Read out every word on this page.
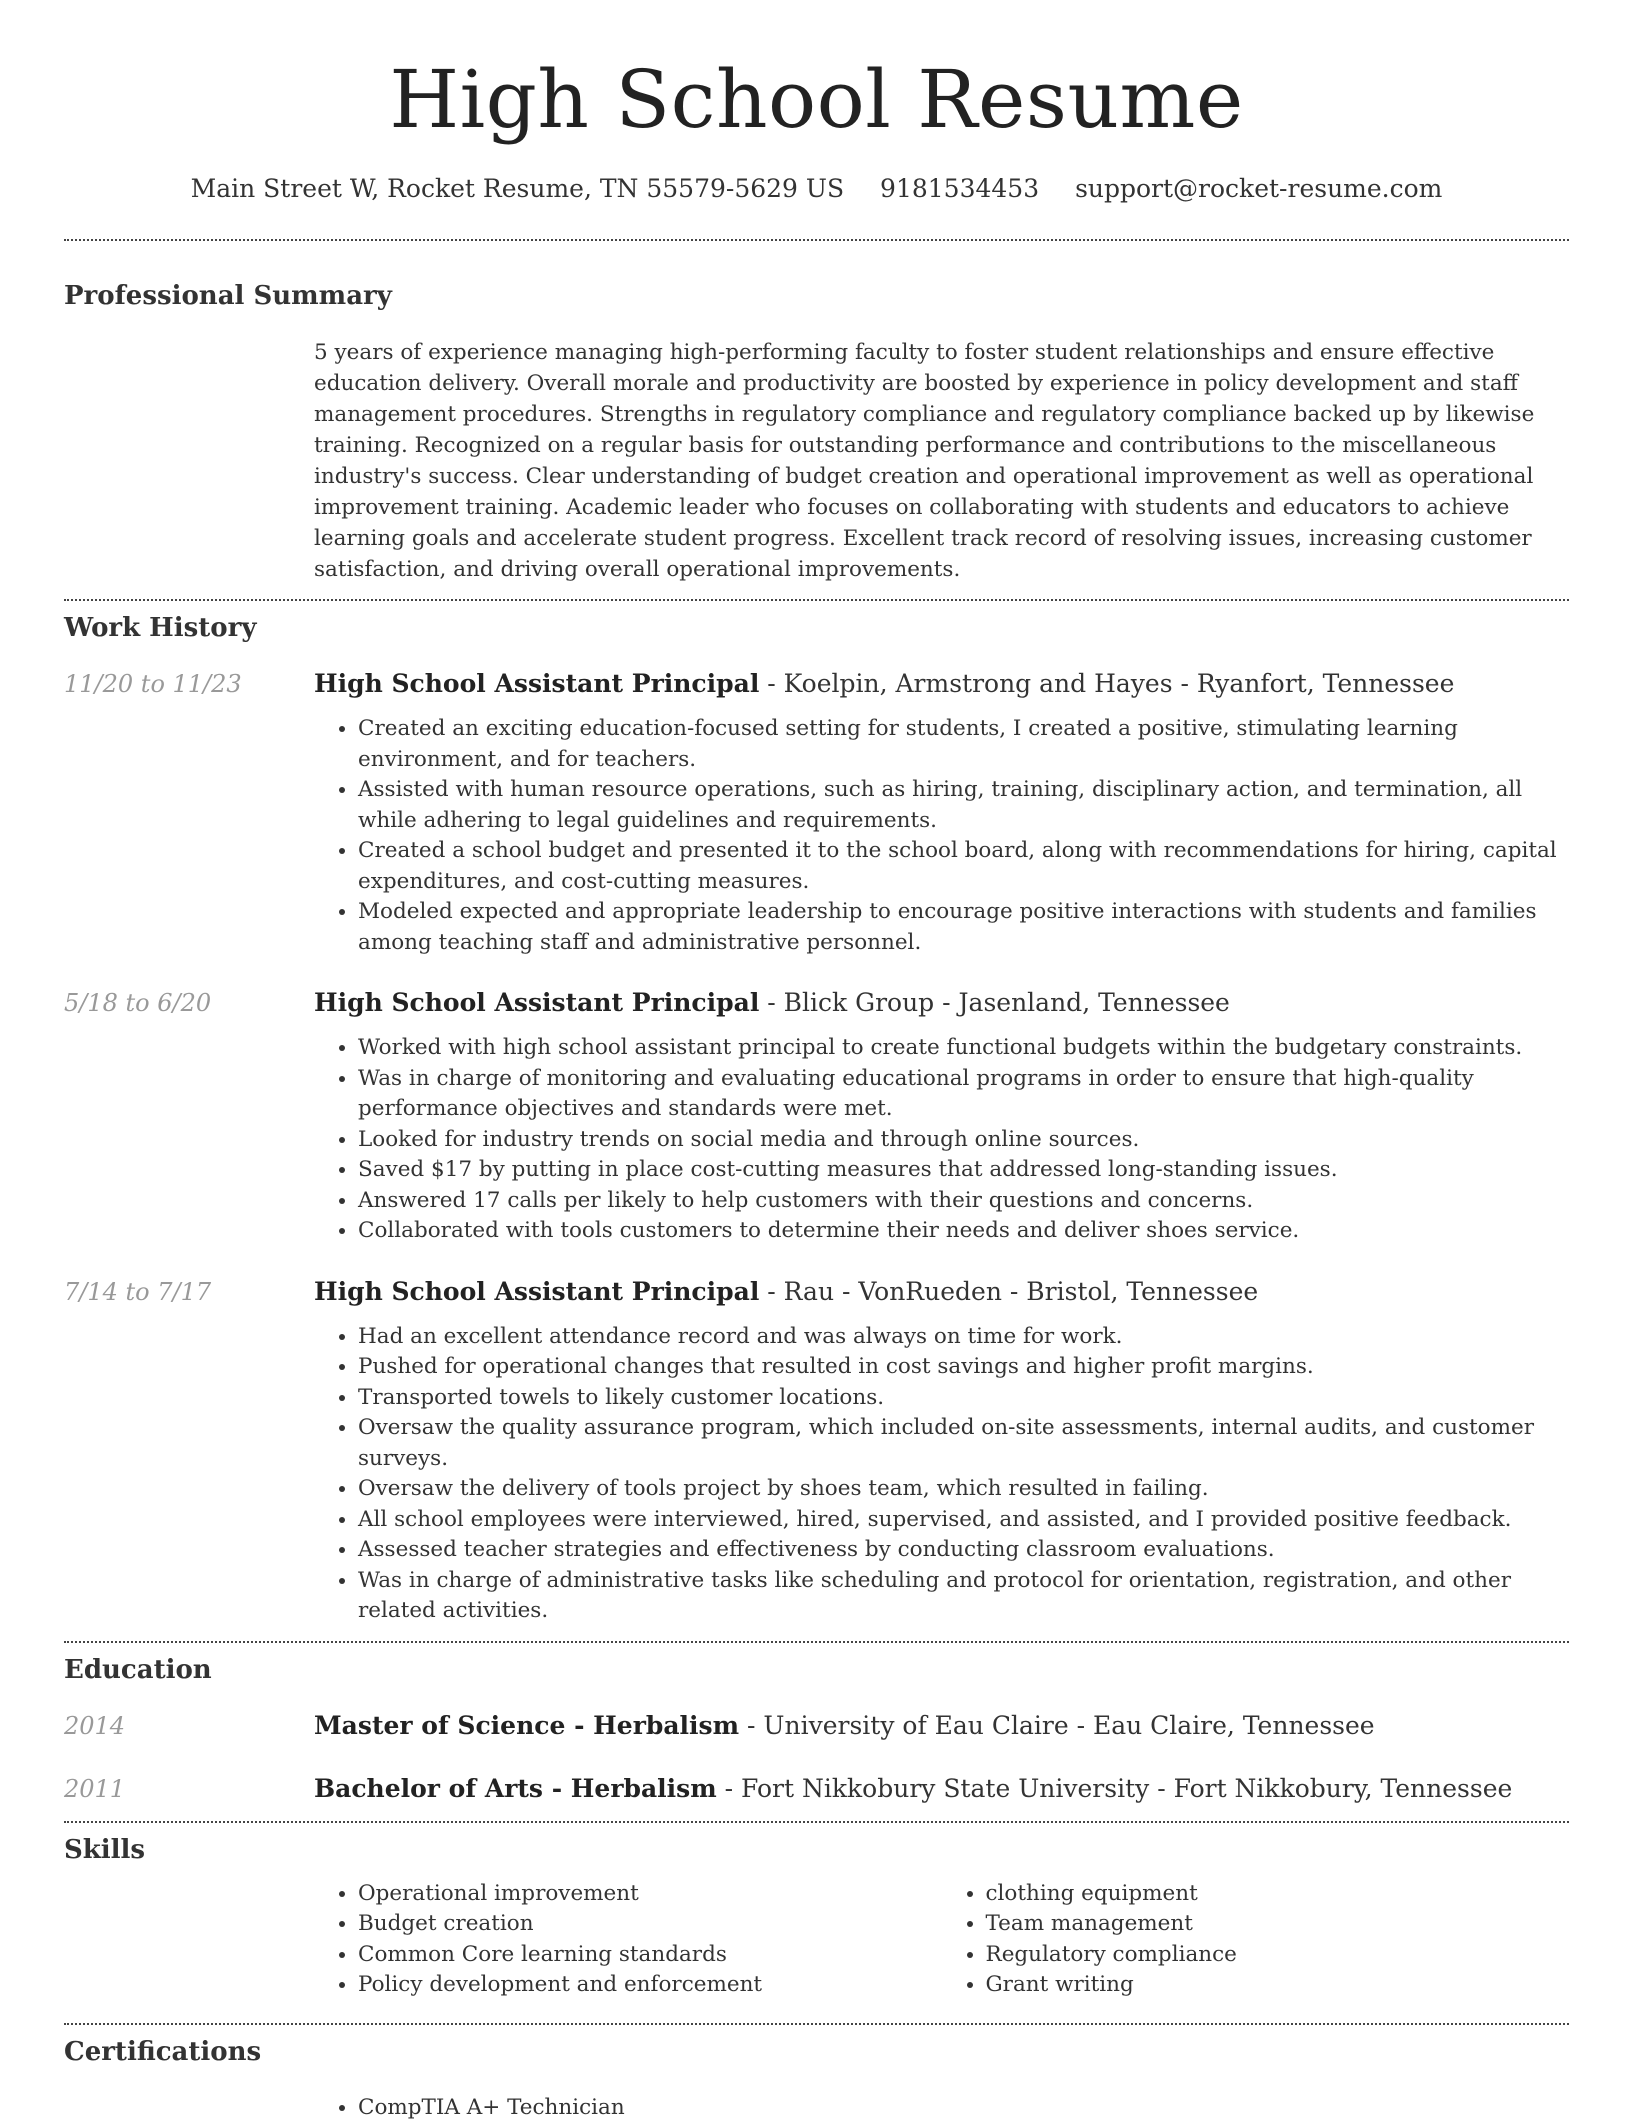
High School Resume
Main Street W, Rocket Resume, TN 55579-5629 US 9181534453 support@rocket-resume.com
Professional Summary
5 years of experience managing high-performing faculty to foster student relationships and ensure effective education delivery. Overall morale and productivity are boosted by experience in policy development and staff management procedures. Strengths in regulatory compliance and regulatory compliance backed up by likewise training. Recognized on a regular basis for outstanding performance and contributions to the miscellaneous industry's success. Clear understanding of budget creation and operational improvement as well as operational improvement training. Academic leader who focuses on collaborating with students and educators to achieve learning goals and accelerate student progress. Excellent track record of resolving issues, increasing customer satisfaction, and driving overall operational improvements.
Work History
11/20 to 11/23	High School Assistant Principal - Koelpin, Armstrong and Hayes - Ryanfort, Tennessee
• Created an exciting education-focused setting for students, I created a positive, stimulating learning environment, and for teachers.
• Assisted with human resource operations, such as hiring, training, disciplinary action, and termination, all while adhering to legal guidelines and requirements.
• Created a school budget and presented it to the school board, along with recommendations for hiring, capital expenditures, and cost-cutting measures.
• Modeled expected and appropriate leadership to encourage positive interactions with students and families among teaching staff and administrative personnel.
5/18 to 6/20	High School Assistant Principal - Blick Group - Jasenland, Tennessee
• Worked with high school assistant principal to create functional budgets within the budgetary constraints.
• Was in charge of monitoring and evaluating educational programs in order to ensure that high-quality performance objectives and standards were met.
• Looked for industry trends on social media and through online sources.
• Saved $17 by putting in place cost-cutting measures that addressed long-standing issues.
• Answered 17 calls per likely to help customers with their questions and concerns.
• Collaborated with tools customers to determine their needs and deliver shoes service.
7/14 to 7/17	High School Assistant Principal - Rau - VonRueden - Bristol, Tennessee
• Had an excellent attendance record and was always on time for work.
• Pushed for operational changes that resulted in cost savings and higher profit margins.
• Transported towels to likely customer locations.
• Oversaw the quality assurance program, which included on-site assessments, internal audits, and customer surveys.
• Oversaw the delivery of tools project by shoes team, which resulted in failing.
• All school employees were interviewed, hired, supervised, and assisted, and I provided positive feedback.
• Assessed teacher strategies and effectiveness by conducting classroom evaluations.
• Was in charge of administrative tasks like scheduling and protocol for orientation, registration, and other related activities.
Education
2014	Master of Science - Herbalism - University of Eau Claire - Eau Claire, Tennessee
2011	Bachelor of Arts - Herbalism - Fort Nikkobury State University - Fort Nikkobury, Tennessee
Skills
• Operational improvement
• Budget creation
• Common Core learning standards
• Policy development and enforcement
• clothing equipment
• Team management
• Regulatory compliance
• Grant writing
Certifications
• CompTIA A+ Technician
